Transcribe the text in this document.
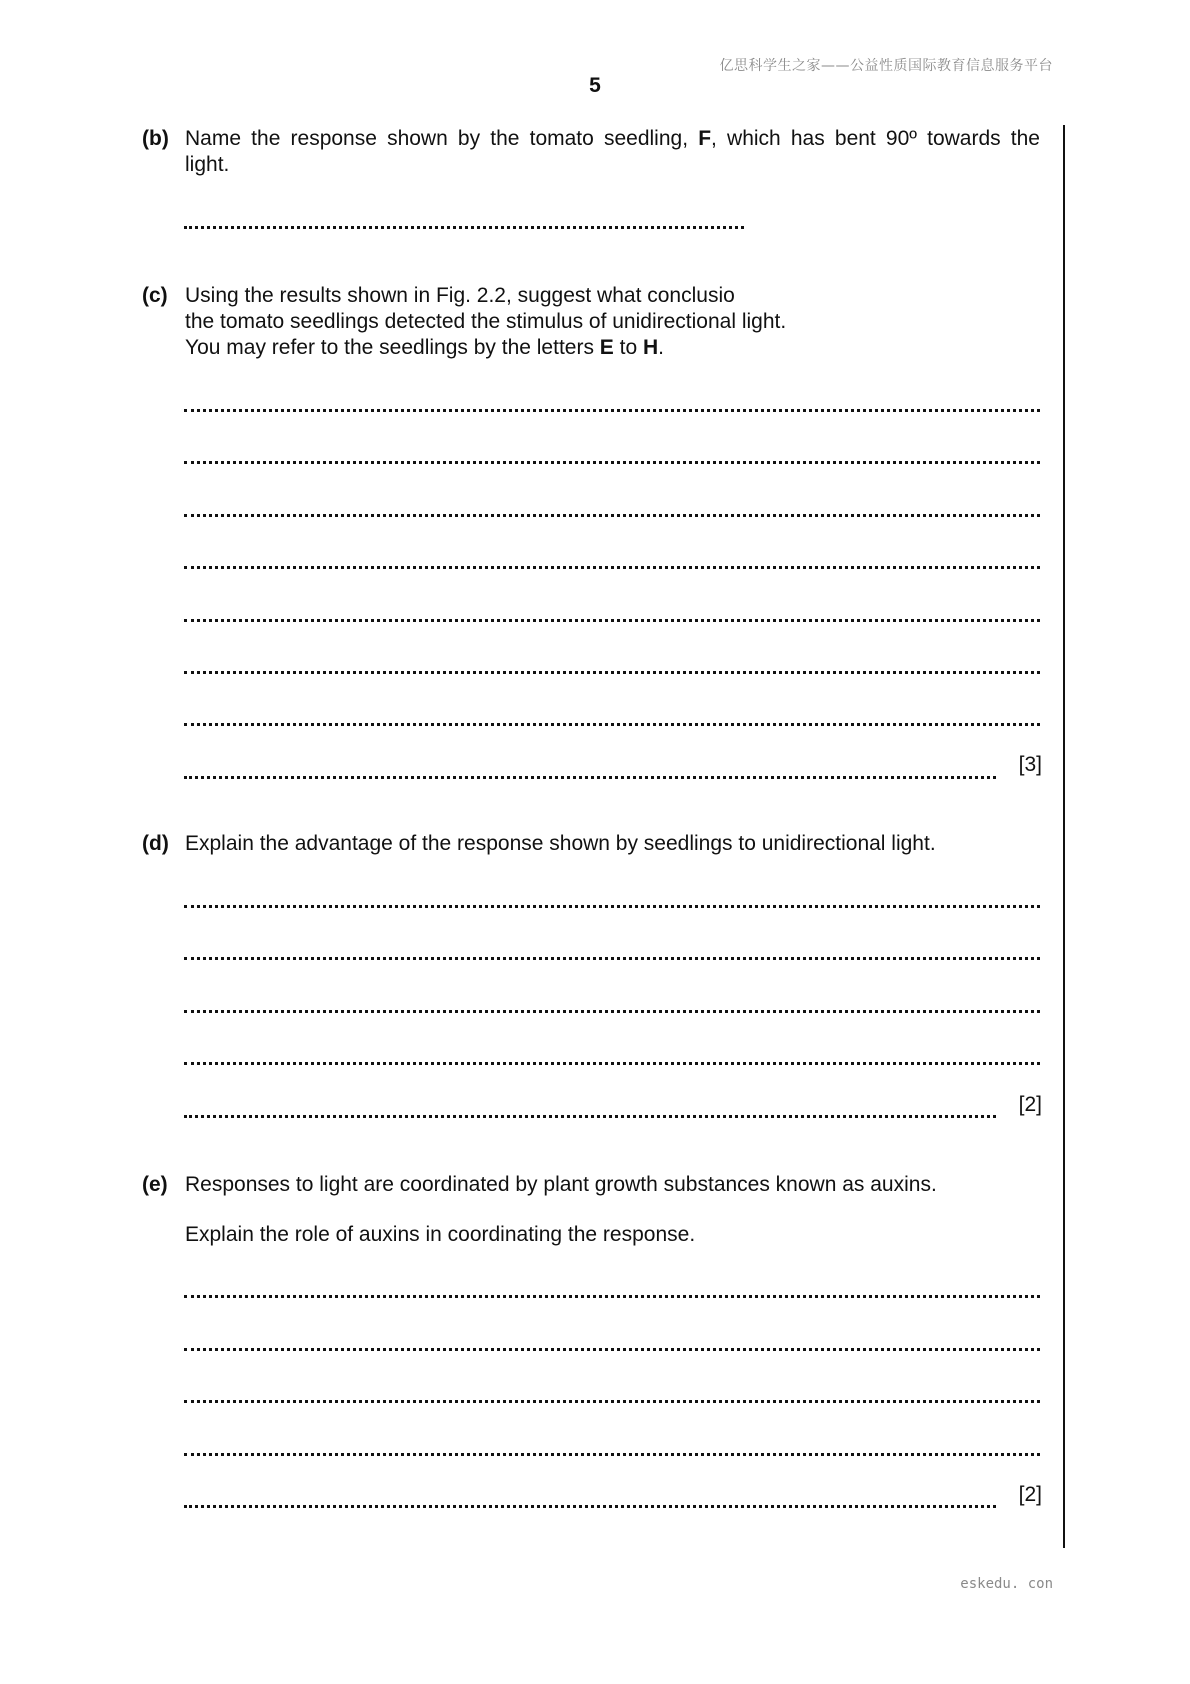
亿思科学生之家——公益性质国际教育信息服务平台
5
(b) Name the response shown by the tomato seedling, F, which has bent 90º towards the
light.
(c) Using the results shown in Fig. 2.2, suggest what conclusio
the tomato seedlings detected the stimulus of unidirectional light.
You may refer to the seedlings by the letters E to H.
[3]
(d) Explain the advantage of the response shown by seedlings to unidirectional light.
[2]
(e) Responses to light are coordinated by plant growth substances known as auxins.
Explain the role of auxins in coordinating the response.
[2]
eskedu. con
